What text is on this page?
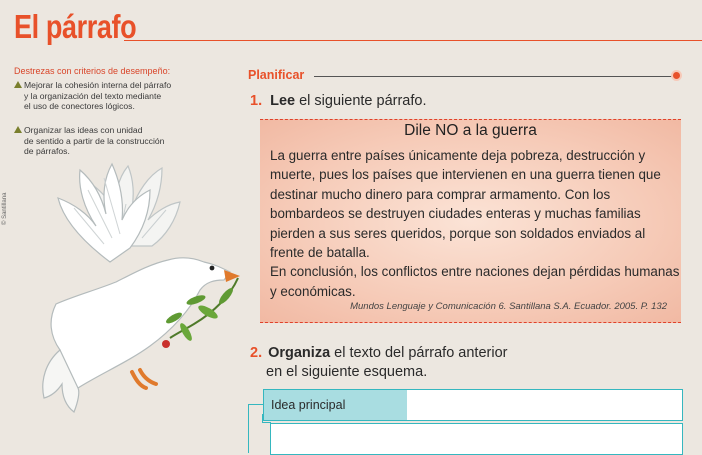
El párrafo
Destrezas con criterios de desempeño:
Mejorar la cohesión interna del párrafo
y la organización del texto mediante
el uso de conectores lógicos.
Organizar las ideas con unidad
de sentido a partir de la construcción
de párrafos.
© Santillana
Planificar
1. Lee el siguiente párrafo.
Dile NO a la guerra

La guerra entre países únicamente deja pobreza, destrucción y muerte, pues los países que intervienen en una guerra tienen que destinar mucho dinero para comprar armamento. Con los bombardeos se destruyen ciudades enteras y muchas familias pierden a sus seres queridos, porque son soldados enviados al frente de batalla.

En conclusión, los conflictos entre naciones dejan pérdidas humanas y económicas.

Mundos Lenguaje y Comunicación 6. Santillana S.A. Ecuador. 2005. P. 132
2. Organiza el texto del párrafo anterior
en el siguiente esquema.
Idea principal
